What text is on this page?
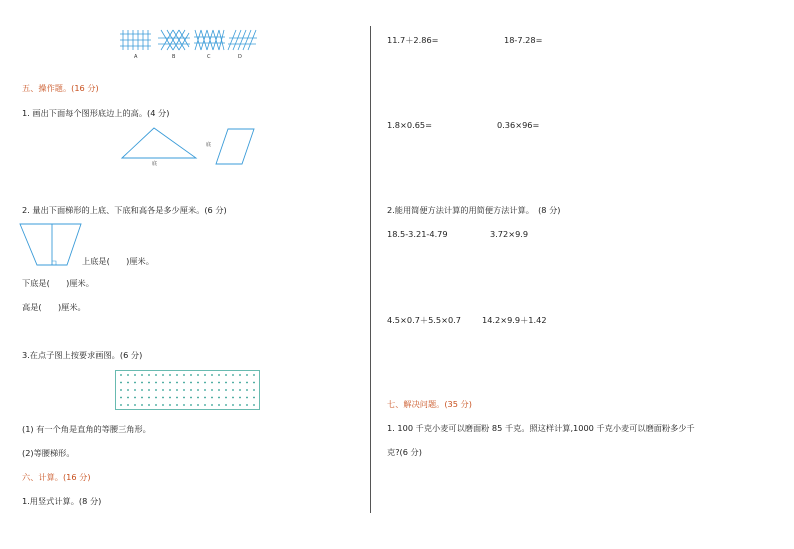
A	B	C	D
五、操作题。(16 分)
1. 画出下面每个图形底边上的高。(4 分)
底
底
2. 量出下面梯形的上底、下底和高各是多少厘米。(6 分)
上底是(　　)厘米。
下底是(　　)厘米。
高是(　　)厘米。
3.在点子图上按要求画图。(6 分)
(1) 有一个角是直角的等腰三角形。
(2)等腰梯形。
六、计算。(16 分)
1.用竖式计算。(8 分)
11.7＋2.86=	18-7.28=
1.8×0.65=	0.36×96=
2.能用简便方法计算的用简便方法计算。　(8 分)
18.5-3.21-4.79	3.72×9.9
4.5×0.7＋5.5×0.7	14.2×9.9＋1.42
七、解决问题。(35 分)
1. 100 千克小麦可以磨面粉 85 千克。照这样计算,1000 千克小麦可以磨面粉多少千
克?(6 分)
